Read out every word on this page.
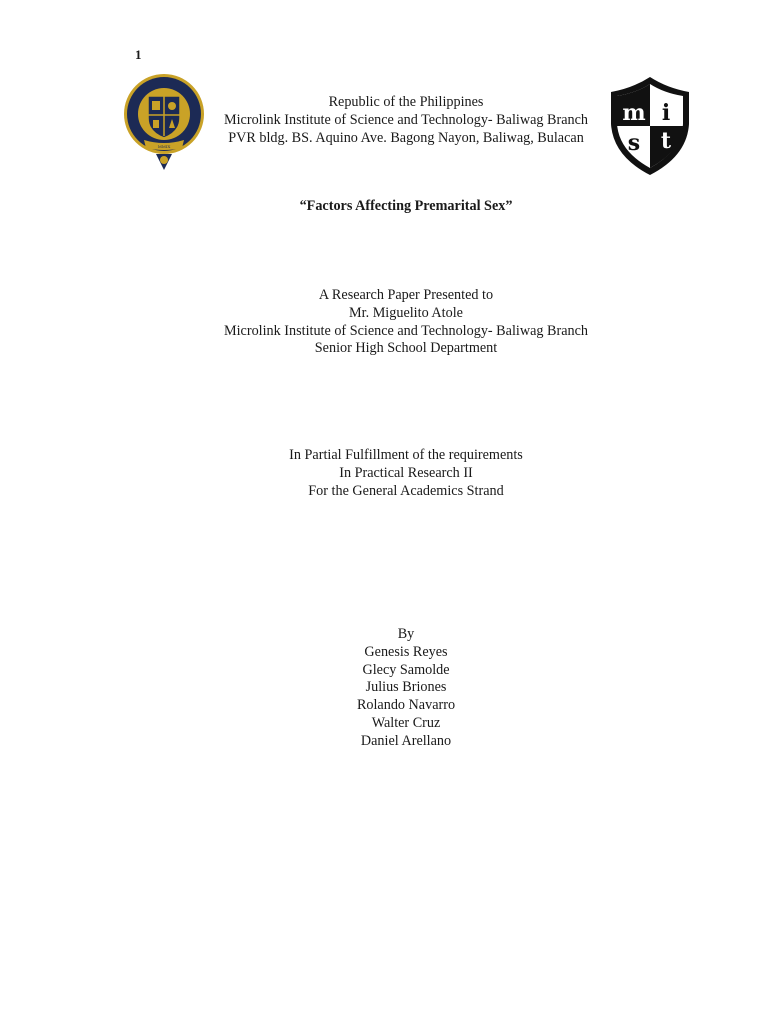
1
MMIX
m i
s t
Republic of the Philippines
Microlink Institute of Science and Technology- Baliwag Branch
PVR bldg. BS. Aquino Ave. Bagong Nayon, Baliwag, Bulacan
“Factors Affecting Premarital Sex”
A Research Paper Presented to
Mr. Miguelito Atole
Microlink Institute of Science and Technology- Baliwag Branch
Senior High School Department
In Partial Fulfillment of the requirements
In Practical Research II
For the General Academics Strand
By
Genesis Reyes
Glecy Samolde
Julius Briones
Rolando Navarro
Walter Cruz
Daniel Arellano
